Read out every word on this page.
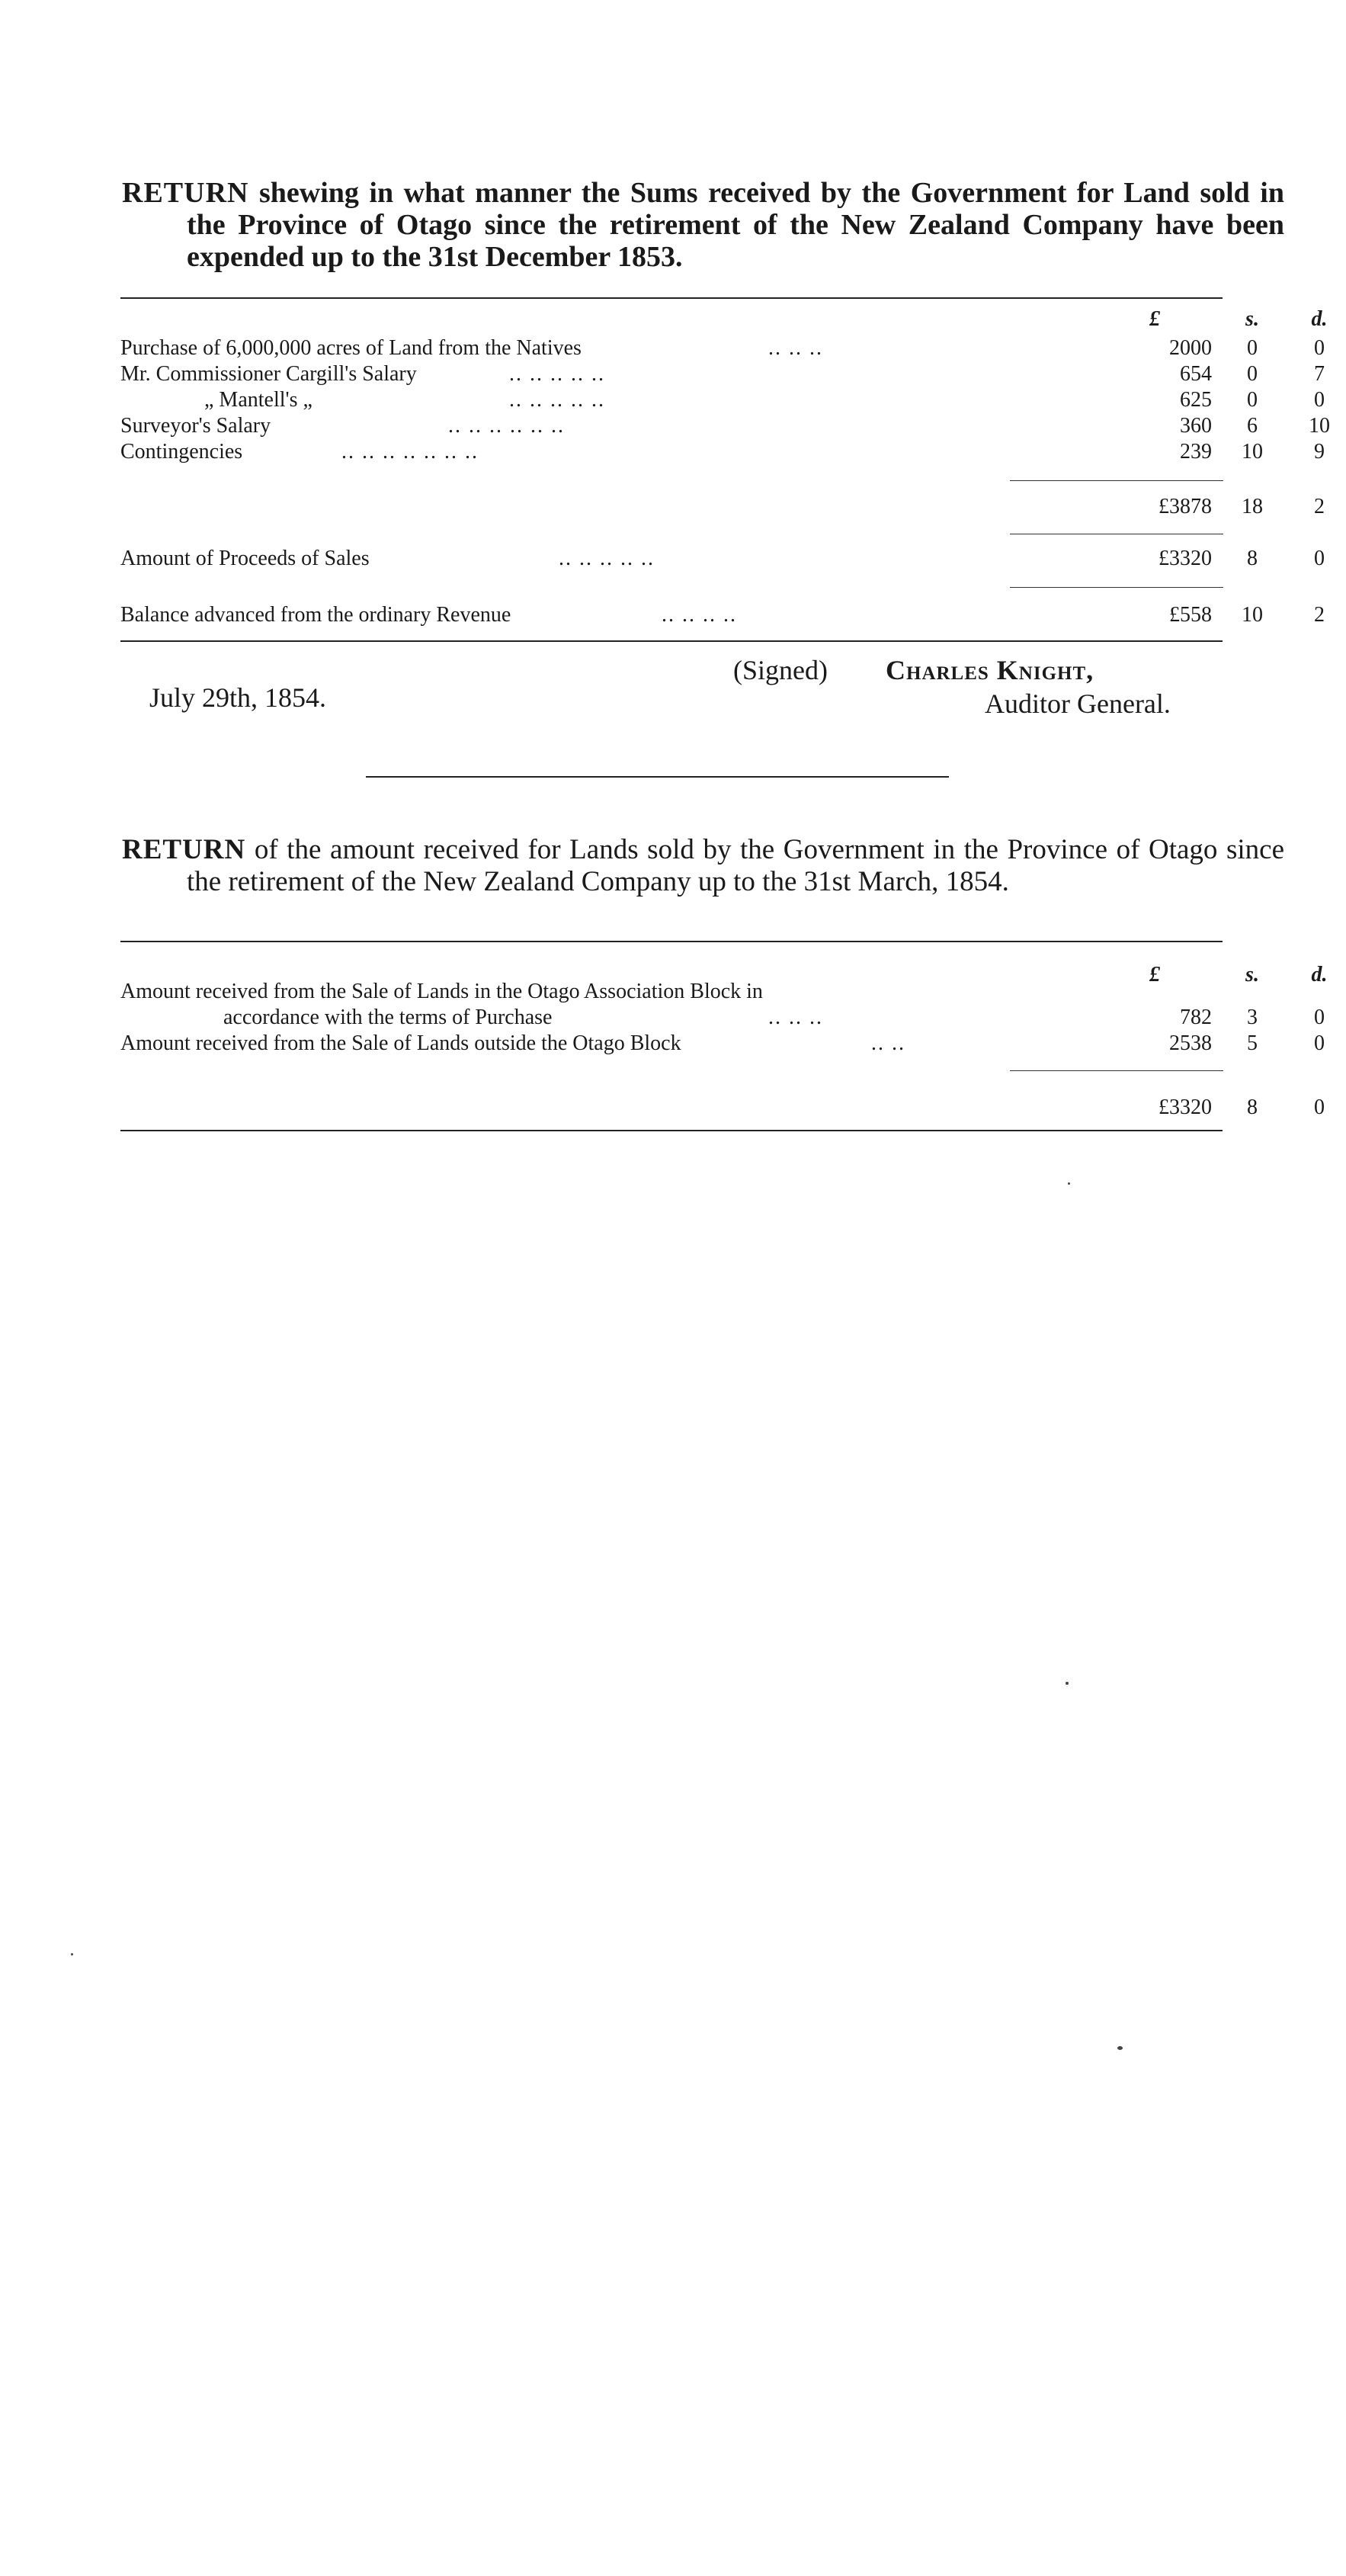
RETURN shewing in what manner the Sums received by the Government for Land sold in the Province of Otago since the retirement of the New Zealand Company have been expended up to the 31st December 1853.
£	s.	d.
Purchase of 6,000,000 acres of Land from the Natives	.. .. ..	2000	0	0
Mr. Commissioner Cargill's Salary	.. .. .. .. ..	654	0	7
„ Mantell's „	.. .. .. .. ..	625	0	0
Surveyor's Salary	.. .. .. .. .. ..	360	6	10
Contingencies	.. .. .. .. .. .. ..	239	10	9
£3878	18	2
Amount of Proceeds of Sales	.. .. .. .. ..	£3320	8	0
Balance advanced from the ordinary Revenue	.. .. .. ..	£558	10	2
(Signed) Charles Knight,
Auditor General.
July 29th, 1854.
RETURN of the amount received for Lands sold by the Government in the Province of Otago since the retirement of the New Zealand Company up to the 31st March, 1854.
£	s.	d.
Amount received from the Sale of Lands in the Otago Association Block in
accordance with the terms of Purchase	.. .. ..	782	3	0
Amount received from the Sale of Lands outside the Otago Block	.. ..	2538	5	0
£3320	8	0
